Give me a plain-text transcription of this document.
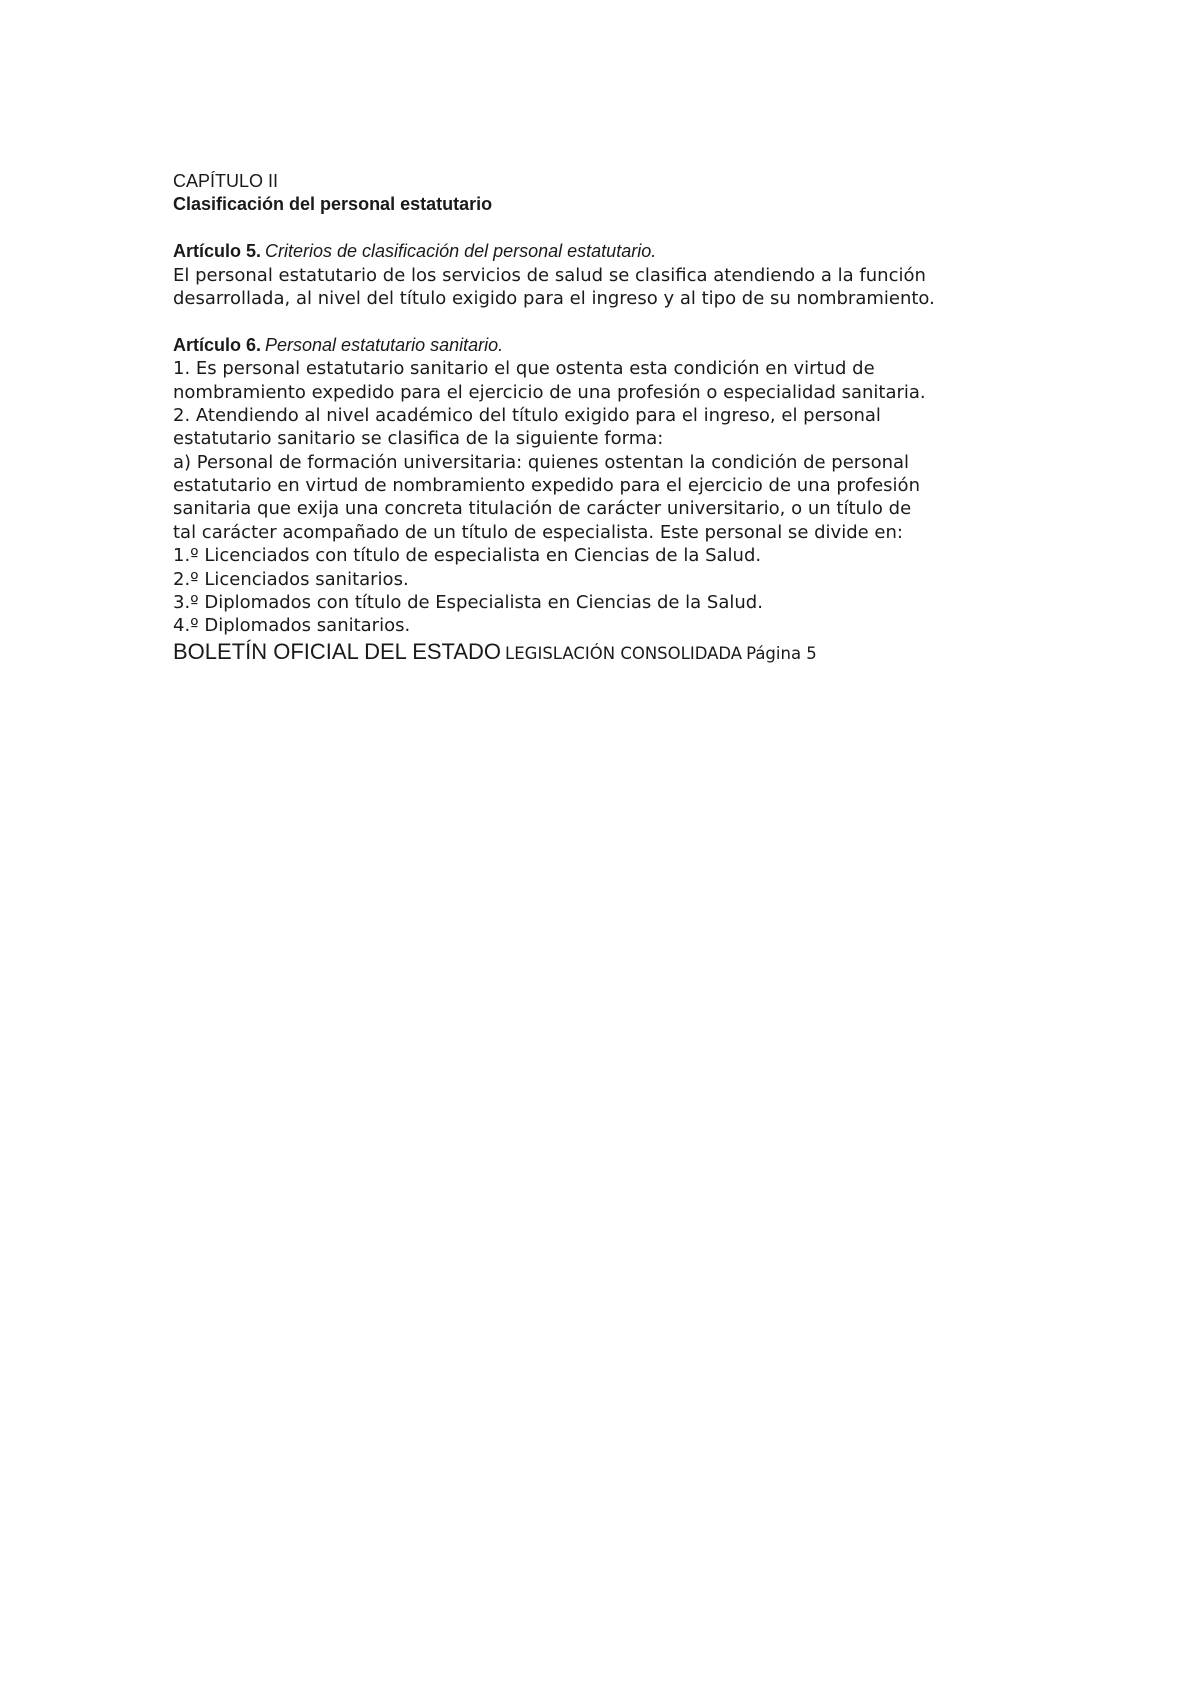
CAPÍTULO II
Clasificación del personal estatutario
Artículo 5. Criterios de clasificación del personal estatutario.
El personal estatutario de los servicios de salud se clasifica atendiendo a la función
desarrollada, al nivel del título exigido para el ingreso y al tipo de su nombramiento.
Artículo 6. Personal estatutario sanitario.
1. Es personal estatutario sanitario el que ostenta esta condición en virtud de
nombramiento expedido para el ejercicio de una profesión o especialidad sanitaria.
2. Atendiendo al nivel académico del título exigido para el ingreso, el personal
estatutario sanitario se clasifica de la siguiente forma:
a) Personal de formación universitaria: quienes ostentan la condición de personal
estatutario en virtud de nombramiento expedido para el ejercicio de una profesión
sanitaria que exija una concreta titulación de carácter universitario, o un título de
tal carácter acompañado de un título de especialista. Este personal se divide en:
1.º Licenciados con título de especialista en Ciencias de la Salud.
2.º Licenciados sanitarios.
3.º Diplomados con título de Especialista en Ciencias de la Salud.
4.º Diplomados sanitarios.
BOLETÍN OFICIAL DEL ESTADO LEGISLACIÓN CONSOLIDADA Página 5
